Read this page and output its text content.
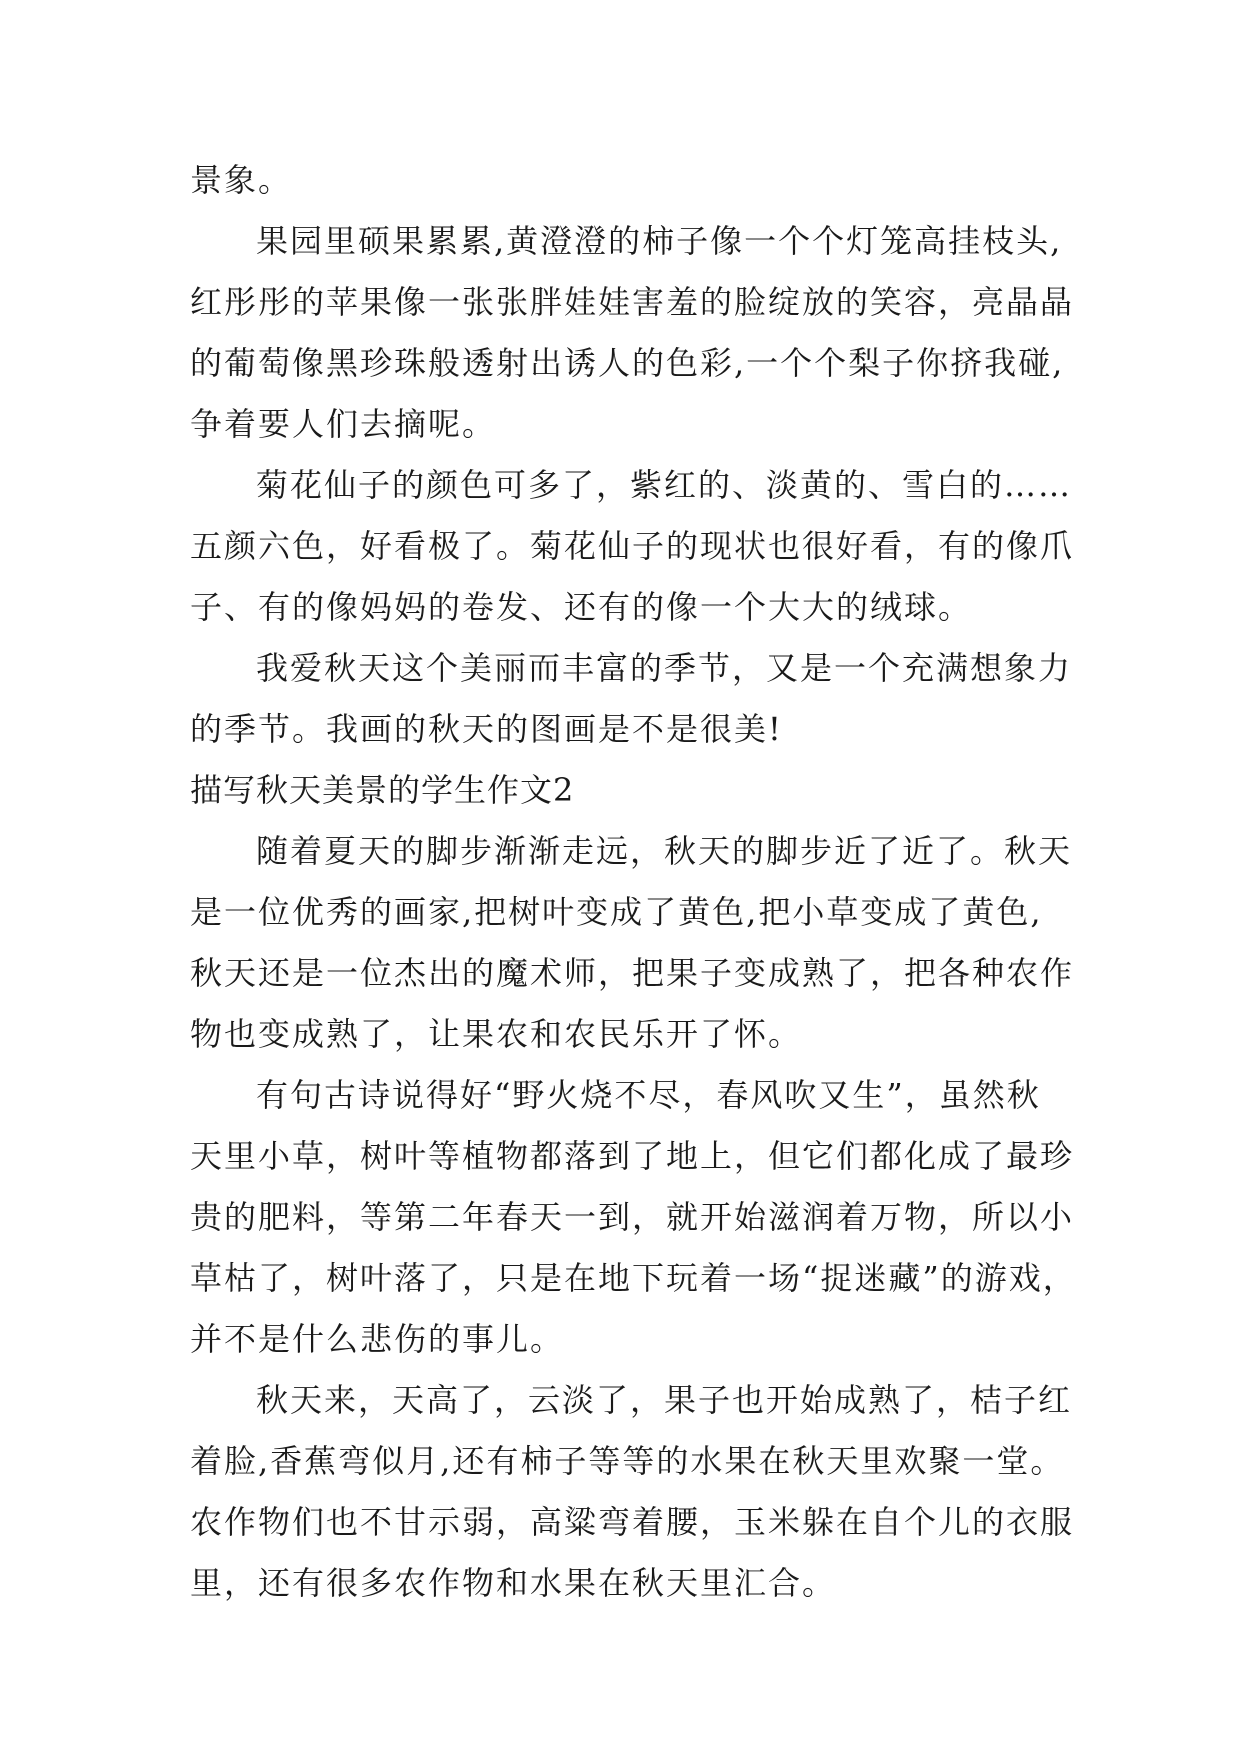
景象。
果园里硕果累累,黄澄澄的柿子像一个个灯笼高挂枝头,
红彤彤的苹果像一张张胖娃娃害羞的脸绽放的笑容，亮晶晶
的葡萄像黑珍珠般透射出诱人的色彩,一个个梨子你挤我碰,
争着要人们去摘呢。
菊花仙子的颜色可多了，紫红的、淡黄的、雪白的……
五颜六色，好看极了。菊花仙子的现状也很好看，有的像爪
子、有的像妈妈的卷发、还有的像一个大大的绒球。
我爱秋天这个美丽而丰富的季节，又是一个充满想象力
的季节。我画的秋天的图画是不是很美!
描写秋天美景的学生作文2
随着夏天的脚步渐渐走远，秋天的脚步近了近了。秋天
是一位优秀的画家,把树叶变成了黄色,把小草变成了黄色,
秋天还是一位杰出的魔术师，把果子变成熟了，把各种农作
物也变成熟了，让果农和农民乐开了怀。
有句古诗说得好“野火烧不尽，春风吹又生”，虽然秋
天里小草，树叶等植物都落到了地上，但它们都化成了最珍
贵的肥料，等第二年春天一到，就开始滋润着万物，所以小
草枯了，树叶落了，只是在地下玩着一场“捉迷藏”的游戏，
并不是什么悲伤的事儿。
秋天来，天高了，云淡了，果子也开始成熟了，桔子红
着脸,香蕉弯似月,还有柿子等等的水果在秋天里欢聚一堂。
农作物们也不甘示弱，高粱弯着腰，玉米躲在自个儿的衣服
里，还有很多农作物和水果在秋天里汇合。
